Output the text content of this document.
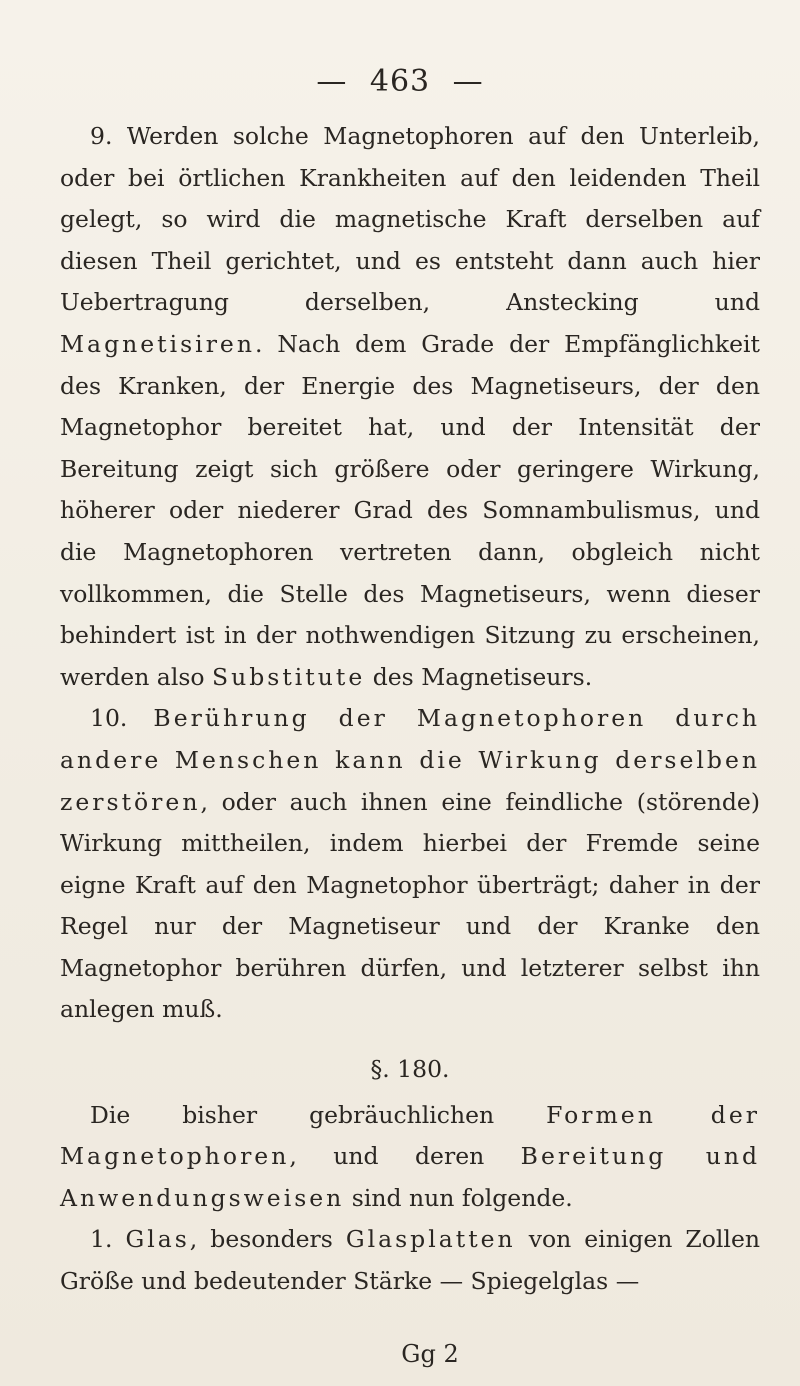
— 463 —

9. Werden solche Magnetophoren auf den Unterleib, oder bei örtlichen Krankheiten auf den leidenden Theil gelegt, so wird die magnetische Kraft derselben auf diesen Theil gerichtet, und es entsteht dann auch hier Uebertragung derselben, Anstecking und Magnetisiren. Nach dem Grade der Empfänglichkeit des Kranken, der Energie des Magnetiseurs, der den Magnetophor bereitet hat, und der Intensität der Bereitung zeigt sich größere oder geringere Wirkung, höherer oder niederer Grad des Somnambulismus, und die Magnetophoren vertreten dann, obgleich nicht vollkommen, die Stelle des Magnetiseurs, wenn dieser behindert ist in der nothwendigen Sitzung zu erscheinen, werden also Substitute des Magnetiseurs.

10. Berührung der Magnetophoren durch andere Menschen kann die Wirkung derselben zerstören, oder auch ihnen eine feindliche (störende) Wirkung mittheilen, indem hierbei der Fremde seine eigne Kraft auf den Magnetophor überträgt; daher in der Regel nur der Magnetiseur und der Kranke den Magnetophor berühren dürfen, und letzterer selbst ihn anlegen muß.

§. 180.

Die bisher gebräuchlichen Formen der Magnetophoren, und deren Bereitung und Anwendungsweisen sind nun folgende.

1. Glas, besonders Glasplatten von einigen Zollen Größe und bedeutender Stärke — Spiegelglas —

Gg 2
